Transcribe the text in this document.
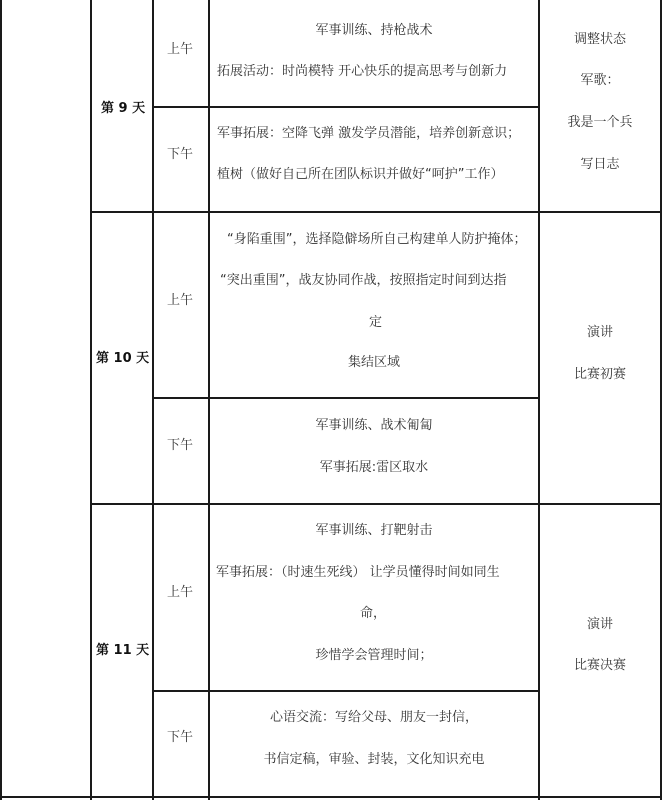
第 9 天
上午
军事训练、持枪战术
拓展活动：时尚模特 开心快乐的提高思考与创新力
下午
军事拓展：空降飞弹 激发学员潜能，培养创新意识；
植树（做好自己所在团队标识并做好“呵护”工作）
调整状态
军歌：
我是一个兵
写日志
第 10 天
上午
“身陷重围”，选择隐僻场所自己构建单人防护掩体；
“突出重围”，战友协同作战，按照指定时间到达指
定
集结区域
下午
军事训练、战术匍匐
军事拓展:雷区取水
演讲
比赛初赛
第 11 天
上午
军事训练、打靶射击
军事拓展：（时速生死线） 让学员懂得时间如同生
命，
珍惜学会管理时间；
下午
心语交流：写给父母、朋友一封信，
书信定稿，审验、封装，文化知识充电
演讲
比赛决赛
